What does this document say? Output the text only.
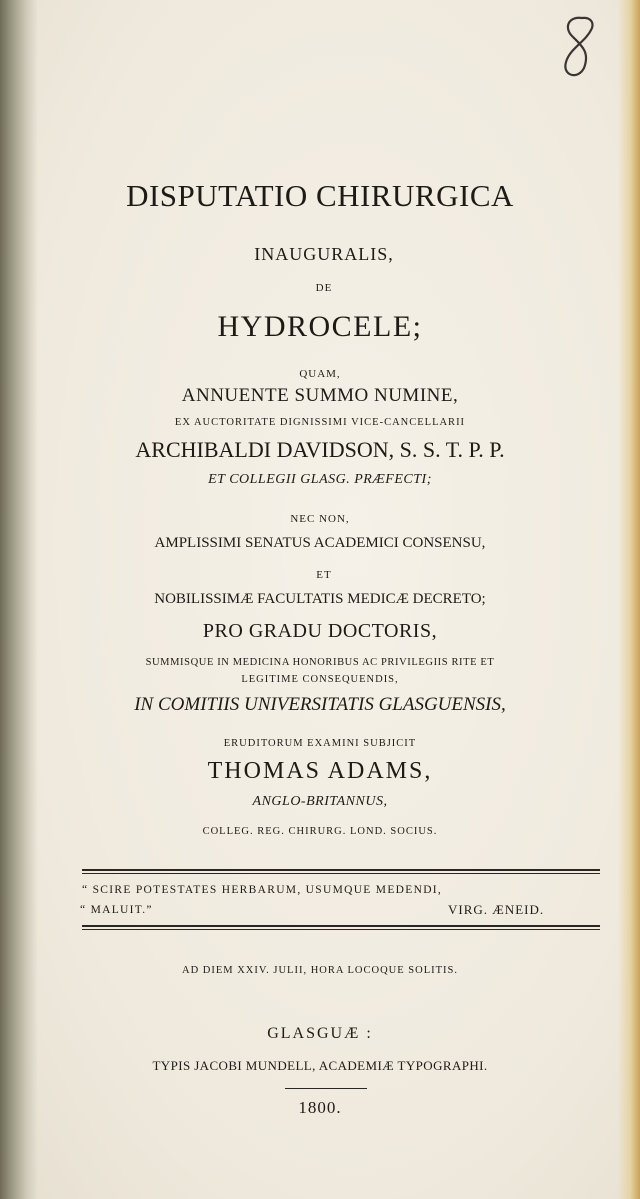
DISPUTATIO CHIRURGICA
INAUGURALIS,
DE
HYDROCELE;
QUAM,
ANNUENTE SUMMO NUMINE,
EX AUCTORITATE DIGNISSIMI VICE-CANCELLARII
ARCHIBALDI DAVIDSON, S. S. T. P. P.
ET COLLEGII GLASG. PRÆFECTI;
NEC NON,
AMPLISSIMI SENATUS ACADEMICI CONSENSU,
ET
NOBILISSIMÆ FACULTATIS MEDICÆ DECRETO;
PRO GRADU DOCTORIS,
SUMMISQUE IN MEDICINA HONORIBUS AC PRIVILEGIIS RITE ET
LEGITIME CONSEQUENDIS,
IN COMITIIS UNIVERSITATIS GLASGUENSIS,
ERUDITORUM EXAMINI SUBJICIT
THOMAS ADAMS,
ANGLO-BRITANNUS,
COLLEG. REG. CHIRURG. LOND. SOCIUS.
“ SCIRE POTESTATES HERBARUM, USUMQUE MEDENDI,
“ MALUIT.”	VIRG. ÆNEID.
AD DIEM XXIV. JULII, HORA LOCOQUE SOLITIS.
GLASGUÆ :
TYPIS JACOBI MUNDELL, ACADEMIÆ TYPOGRAPHI.
1800.
